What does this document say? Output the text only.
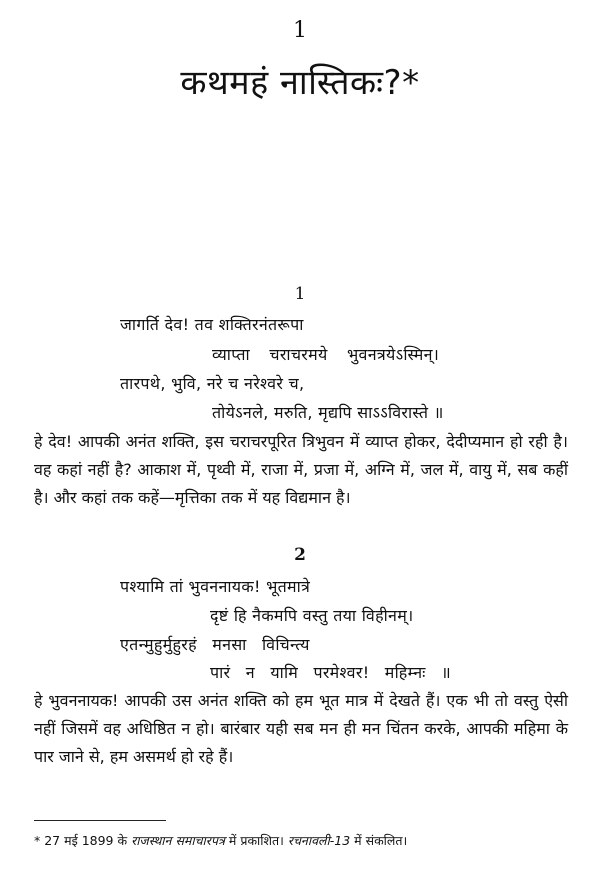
1
कथमहं नास्तिकः?*
1
जागर्ति देव! तव शक्तिरनंतरूपा
व्याप्ता चराचरमये भुवनत्रयेऽस्मिन्।
तारपथे, भुवि, नरे च नरेश्वरे च,
तोयेऽनले, मरुति, मृद्यपि साऽऽविरास्ते ॥
हे देव! आपकी अनंत शक्ति, इस चराचरपूरित त्रिभुवन में व्याप्त होकर, देदीप्यमान हो रही है। वह कहां नहीं है? आकाश में, पृथ्वी में, राजा में, प्रजा में, अग्नि में, जल में, वायु में, सब कहीं है। और कहां तक कहें—मृत्तिका तक में यह विद्यमान है।
2
पश्यामि तां भुवननायक! भूतमात्रे
दृष्टं हि नैकमपि वस्तु तया विहीनम्।
एतन्मुहुर्मुहुरहं मनसा विचिन्त्य
पारं न यामि परमेश्वर! महिम्नः ॥
हे भुवननायक! आपकी उस अनंत शक्ति को हम भूत मात्र में देखते हैं। एक भी तो वस्तु ऐसी नहीं जिसमें वह अधिष्ठित न हो। बारंबार यही सब मन ही मन चिंतन करके, आपकी महिमा के पार जाने से, हम असमर्थ हो रहे हैं।
* 27 मई 1899 के राजस्थान समाचारपत्र में प्रकाशित। रचनावली-13 में संकलित।
